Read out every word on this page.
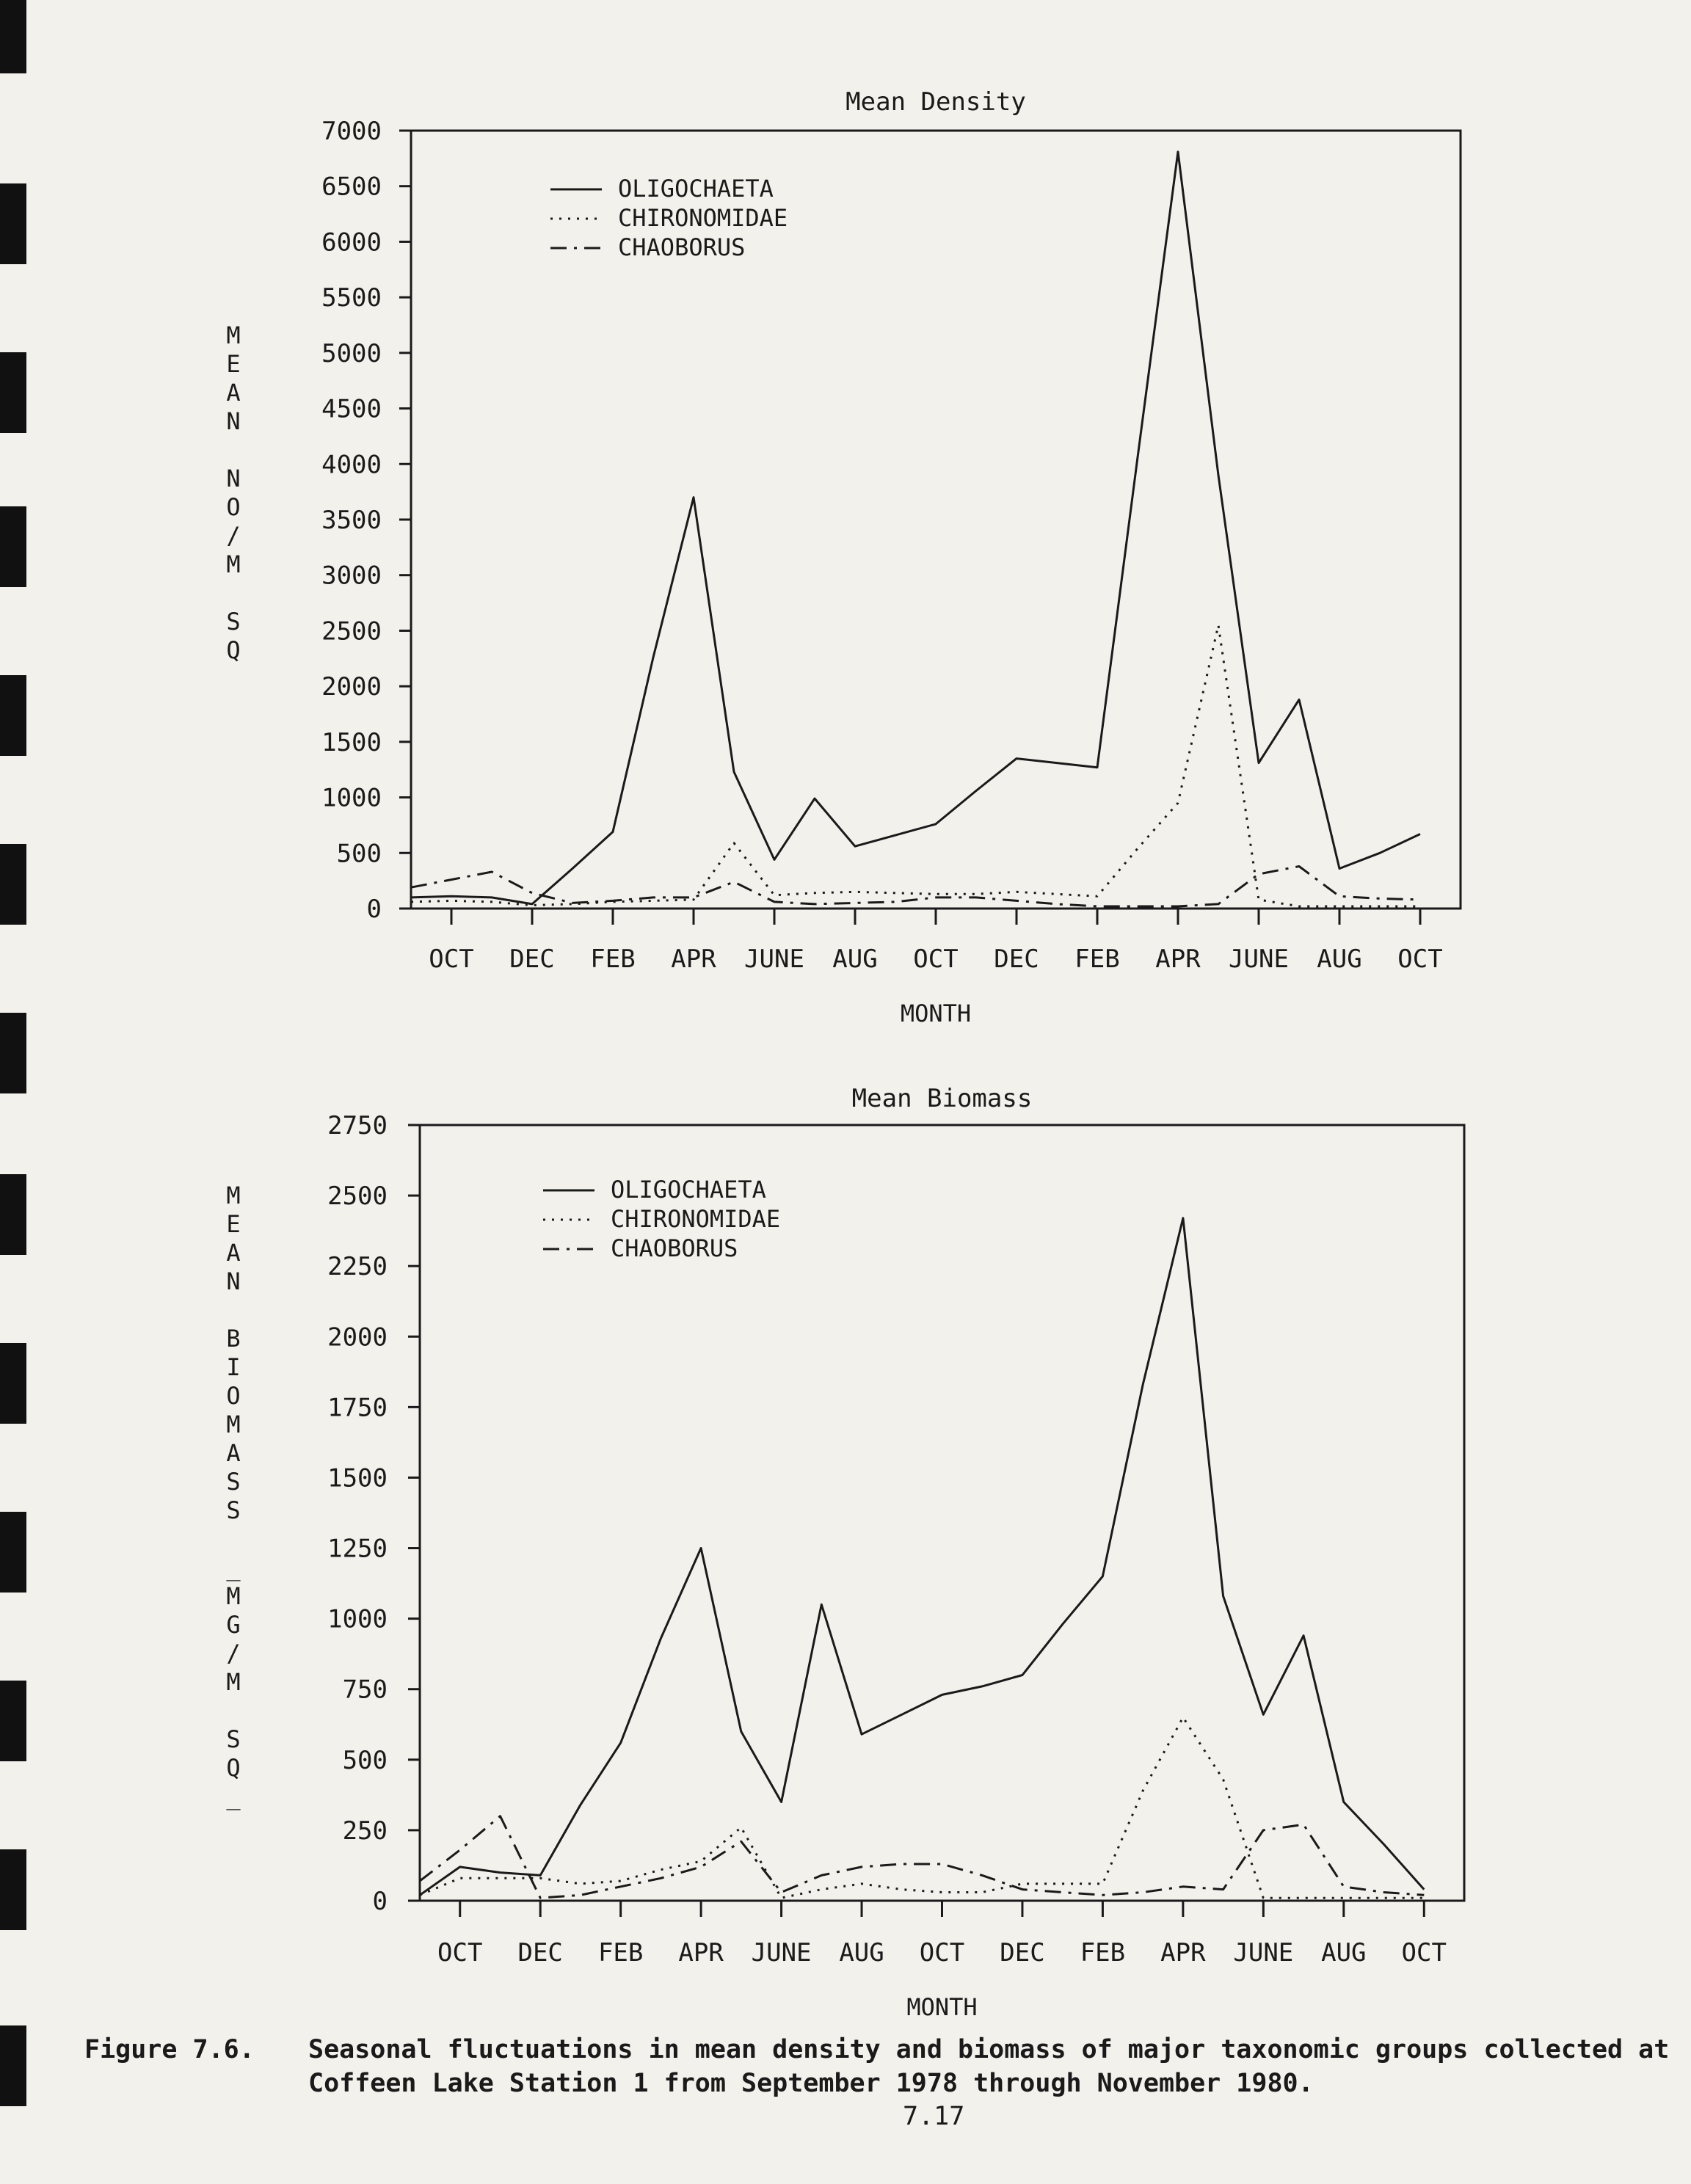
Mean Density
0
500
1000
1500
2000
2500
3000
3500
4000
4500
5000
5500
6000
6500
7000
OCT DEC FEB APR JUNE AUG OCT DEC FEB APR JUNE AUG OCT
MONTH
M
E
A
N
N
O
/
M
S
Q
OLIGOCHAETA
CHIRONOMIDAE
CHAOBORUS
Mean Biomass
0
250
500
750
1000
1250
1500
1750
2000
2250
2500
2750
OCT DEC FEB APR JUNE AUG OCT DEC FEB APR JUNE AUG OCT
MONTH
M
E
A
N
B
I
O
M
A
S
S
_
M
G
/
M
S
Q
_
OLIGOCHAETA
CHIRONOMIDAE
CHAOBORUS
Figure 7.6. Seasonal fluctuations in mean density and biomass of major taxonomic groups collected at Coffeen Lake Station 1 from September 1978 through November 1980.
7.17
